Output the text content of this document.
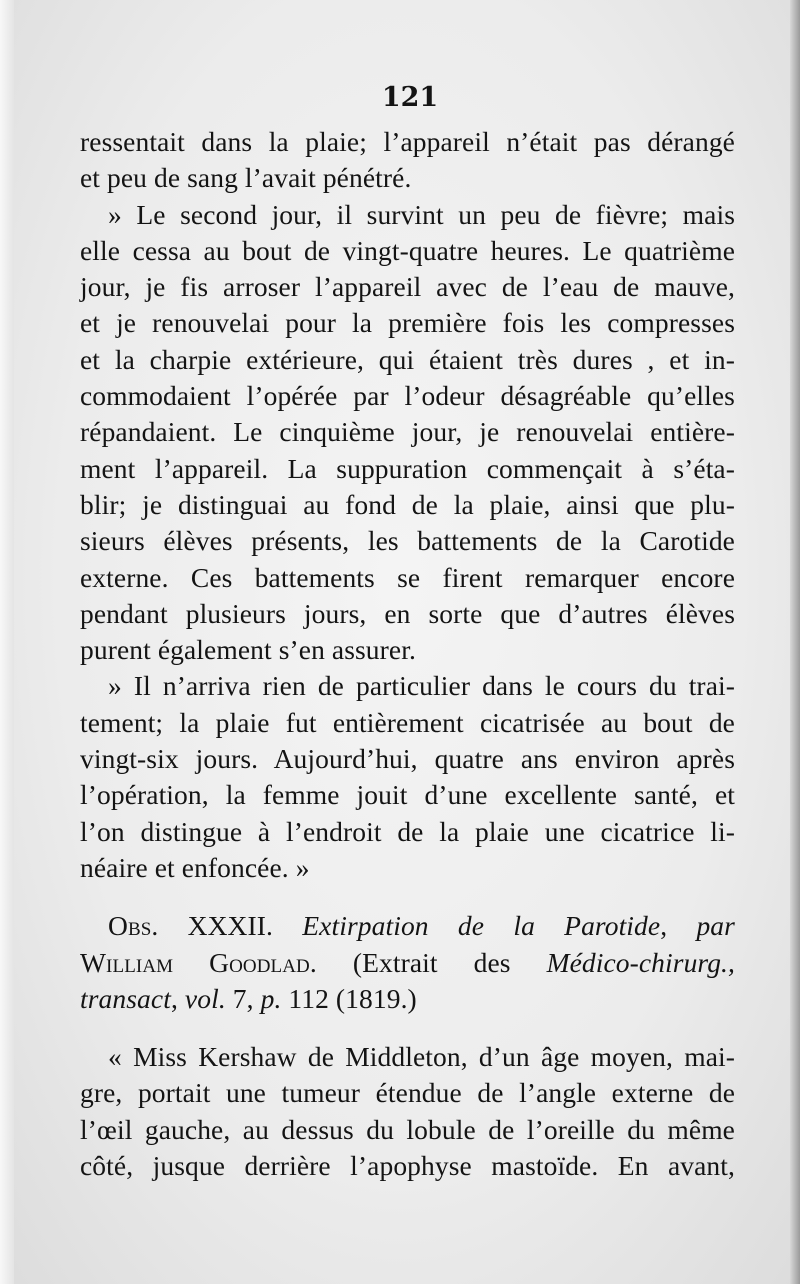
121
ressentait dans la plaie; l’appareil n’était pas dérangé
et peu de sang l’avait pénétré.
» Le second jour, il survint un peu de fièvre; mais
elle cessa au bout de vingt-quatre heures. Le quatrième
jour, je fis arroser l’appareil avec de l’eau de mauve,
et je renouvelai pour la première fois les compresses
et la charpie extérieure, qui étaient très dures , et in-
commodaient l’opérée par l’odeur désagréable qu’elles
répandaient. Le cinquième jour, je renouvelai entière-
ment l’appareil. La suppuration commençait à s’éta-
blir; je distinguai au fond de la plaie, ainsi que plu-
sieurs élèves présents, les battements de la Carotide
externe. Ces battements se firent remarquer encore
pendant plusieurs jours, en sorte que d’autres élèves
purent également s’en assurer.
» Il n’arriva rien de particulier dans le cours du trai-
tement; la plaie fut entièrement cicatrisée au bout de
vingt-six jours. Aujourd’hui, quatre ans environ après
l’opération, la femme jouit d’une excellente santé, et
l’on distingue à l’endroit de la plaie une cicatrice li-
néaire et enfoncée. »
Obs. XXXII. Extirpation de la Parotide, par
William Goodlad. (Extrait des Médico-chirurg.,
transact, vol. 7, p. 112 (1819.)
« Miss Kershaw de Middleton, d’un âge moyen, mai-
gre, portait une tumeur étendue de l’angle externe de
l’œil gauche, au dessus du lobule de l’oreille du même
côté, jusque derrière l’apophyse mastoïde. En avant,
